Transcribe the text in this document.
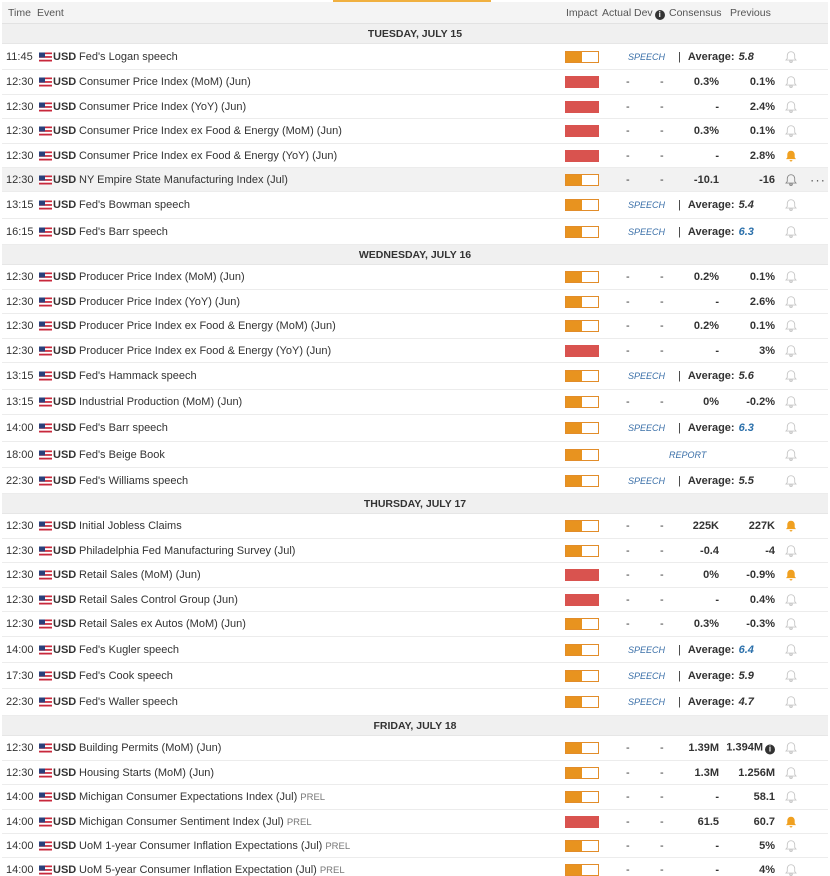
Time Event	Impact Actual Dev i Consensus Previous
TUESDAY, JULY 15
11:45 USD Fed's Logan speech	SPEECH | Average: 5.8
12:30 USD Consumer Price Index (MoM) (Jun)	-	-	0.3%	0.1%
12:30 USD Consumer Price Index (YoY) (Jun)	-	-	-	2.4%
12:30 USD Consumer Price Index ex Food & Energy (MoM) (Jun)	-	-	0.3%	0.1%
12:30 USD Consumer Price Index ex Food & Energy (YoY) (Jun)	-	-	-	2.8%
12:30 USD NY Empire State Manufacturing Index (Jul)	-	-	-10.1	-16	···
13:15 USD Fed's Bowman speech	SPEECH | Average: 5.4
16:15 USD Fed's Barr speech	SPEECH | Average: 6.3
WEDNESDAY, JULY 16
12:30 USD Producer Price Index (MoM) (Jun)	-	-	0.2%	0.1%
12:30 USD Producer Price Index (YoY) (Jun)	-	-	-	2.6%
12:30 USD Producer Price Index ex Food & Energy (MoM) (Jun)	-	-	0.2%	0.1%
12:30 USD Producer Price Index ex Food & Energy (YoY) (Jun)	-	-	-	3%
13:15 USD Fed's Hammack speech	SPEECH | Average: 5.6
13:15 USD Industrial Production (MoM) (Jun)	-	-	0%	-0.2%
14:00 USD Fed's Barr speech	SPEECH | Average: 6.3
18:00 USD Fed's Beige Book	REPORT
22:30 USD Fed's Williams speech	SPEECH | Average: 5.5
THURSDAY, JULY 17
12:30 USD Initial Jobless Claims	-	-	225K	227K
12:30 USD Philadelphia Fed Manufacturing Survey (Jul)	-	-	-0.4	-4
12:30 USD Retail Sales (MoM) (Jun)	-	-	0%	-0.9%
12:30 USD Retail Sales Control Group (Jun)	-	-	-	0.4%
12:30 USD Retail Sales ex Autos (MoM) (Jun)	-	-	0.3%	-0.3%
14:00 USD Fed's Kugler speech	SPEECH | Average: 6.4
17:30 USD Fed's Cook speech	SPEECH | Average: 5.9
22:30 USD Fed's Waller speech	SPEECH | Average: 4.7
FRIDAY, JULY 18
12:30 USD Building Permits (MoM) (Jun)	-	-	1.39M 1.394M i
12:30 USD Housing Starts (MoM) (Jun)	-	-	1.3M	1.256M
14:00 USD Michigan Consumer Expectations Index (Jul) PREL	-	-	-	58.1
14:00 USD Michigan Consumer Sentiment Index (Jul) PREL	-	-	61.5	60.7
14:00 USD UoM 1-year Consumer Inflation Expectations (Jul) PREL	-	-	-	5%
14:00 USD UoM 5-year Consumer Inflation Expectation (Jul) PREL	-	-	-	4%
